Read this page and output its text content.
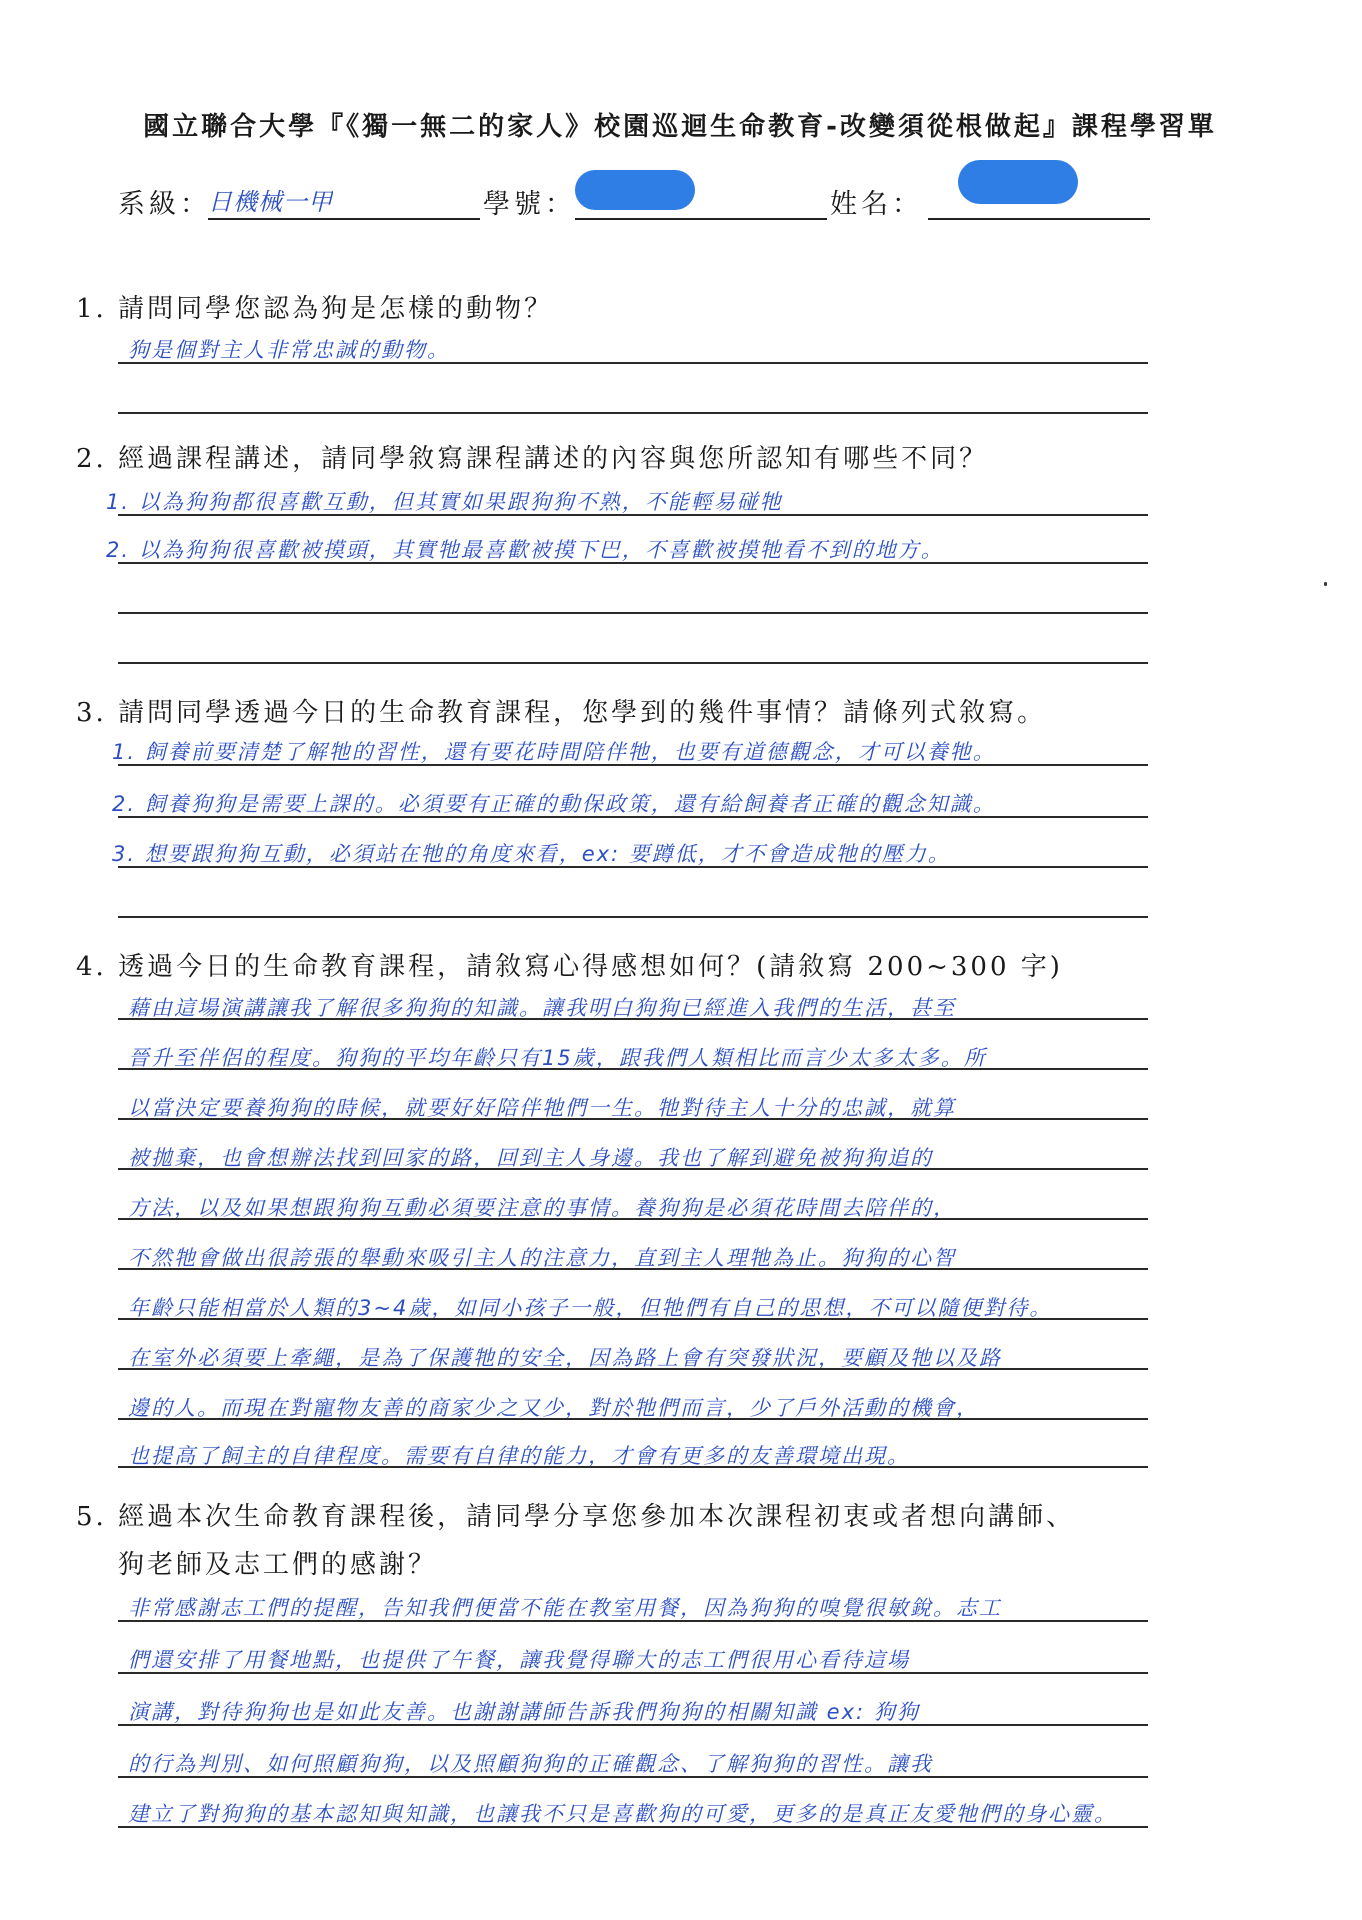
國立聯合大學『《獨一無二的家人》校園巡迴生命教育-改變須從根做起』課程學習單
系級：
日機械一甲	學號：	姓名：
1. 請問同學您認為狗是怎樣的動物？
狗是個對主人非常忠誠的動物。
2. 經過課程講述，請同學敘寫課程講述的內容與您所認知有哪些不同？
1. 以為狗狗都很喜歡互動，但其實如果跟狗狗不熟，不能輕易碰牠
2. 以為狗狗很喜歡被摸頭，其實牠最喜歡被摸下巴，不喜歡被摸牠看不到的地方。
3. 請問同學透過今日的生命教育課程，您學到的幾件事情？請條列式敘寫。
1. 飼養前要清楚了解牠的習性，還有要花時間陪伴牠，也要有道德觀念，才可以養牠。
2. 飼養狗狗是需要上課的。必須要有正確的動保政策，還有給飼養者正確的觀念知識。
3. 想要跟狗狗互動，必須站在牠的角度來看，ex: 要蹲低，才不會造成牠的壓力。
4. 透過今日的生命教育課程，請敘寫心得感想如何？(請敘寫 200~300 字)
藉由這場演講讓我了解很多狗狗的知識。讓我明白狗狗已經進入我們的生活，甚至
晉升至伴侶的程度。狗狗的平均年齡只有15歲，跟我們人類相比而言少太多太多。所
以當決定要養狗狗的時候，就要好好陪伴牠們一生。牠對待主人十分的忠誠，就算
被拋棄，也會想辦法找到回家的路，回到主人身邊。我也了解到避免被狗狗追的
方法，以及如果想跟狗狗互動必須要注意的事情。養狗狗是必須花時間去陪伴的，
不然牠會做出很誇張的舉動來吸引主人的注意力，直到主人理牠為止。狗狗的心智
年齡只能相當於人類的3~4歲，如同小孩子一般，但牠們有自己的思想，不可以隨便對待。
在室外必須要上牽繩，是為了保護牠的安全，因為路上會有突發狀況，要顧及牠以及路
邊的人。而現在對寵物友善的商家少之又少，對於牠們而言，少了戶外活動的機會，
也提高了飼主的自律程度。需要有自律的能力，才會有更多的友善環境出現。
5. 經過本次生命教育課程後，請同學分享您參加本次課程初衷或者想向講師、
狗老師及志工們的感謝？
非常感謝志工們的提醒，告知我們便當不能在教室用餐，因為狗狗的嗅覺很敏銳。志工
們還安排了用餐地點，也提供了午餐，讓我覺得聯大的志工們很用心看待這場
演講，對待狗狗也是如此友善。也謝謝講師告訴我們狗狗的相關知識 ex: 狗狗
的行為判別、如何照顧狗狗，以及照顧狗狗的正確觀念、了解狗狗的習性。讓我
建立了對狗狗的基本認知與知識，也讓我不只是喜歡狗的可愛，更多的是真正友愛牠們的身心靈。
